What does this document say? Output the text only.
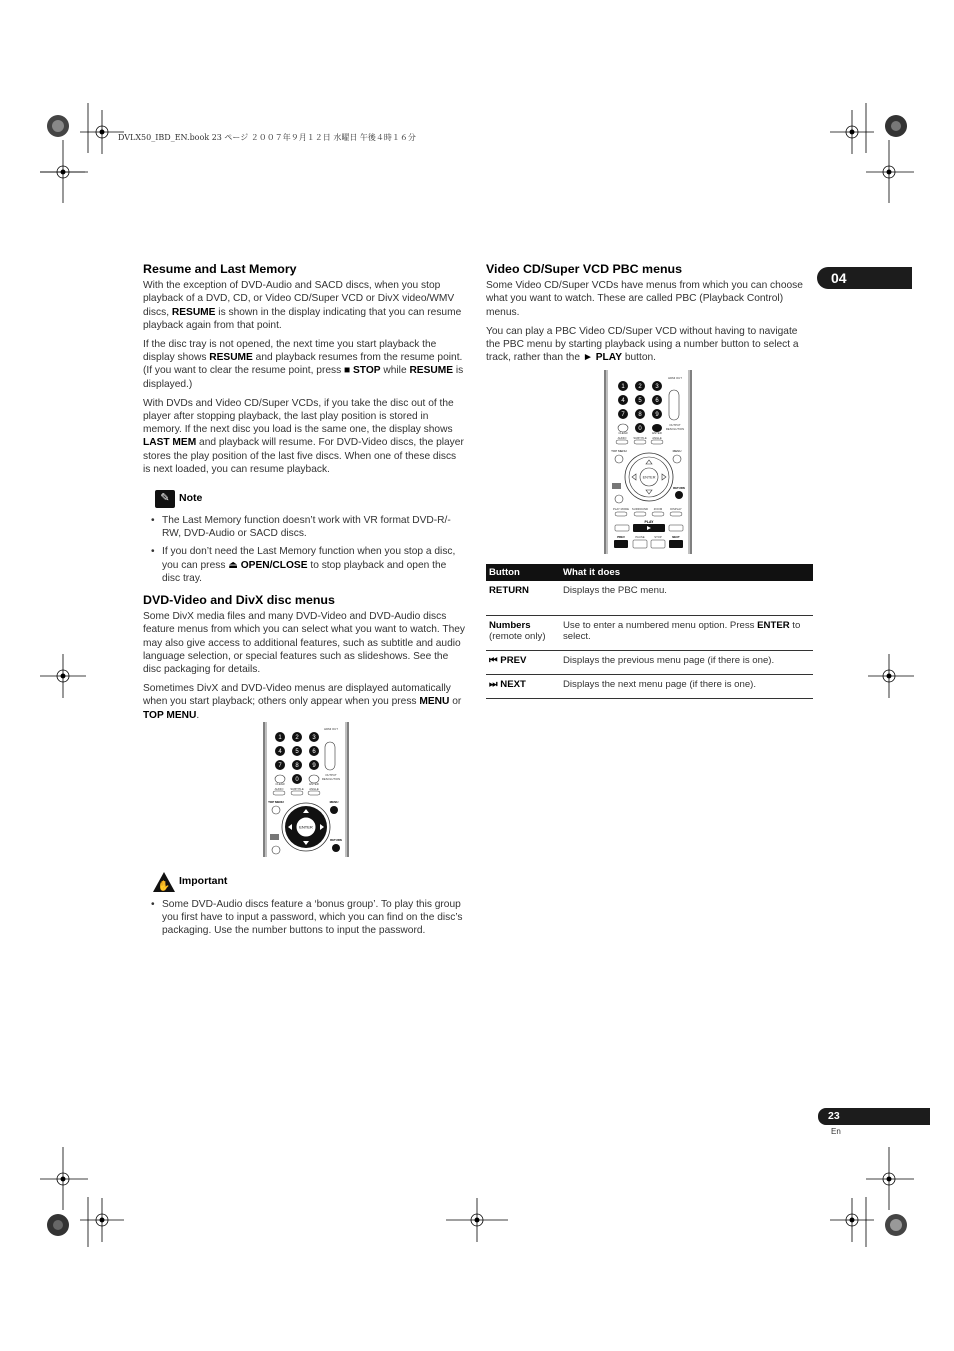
DVLX50_IBD_EN.book 23 ページ ２００７年９月１２日 水曜日 午後４時１６分
04
Resume and Last Memory

With the exception of DVD-Audio and SACD discs, when you stop playback of a DVD, CD, or Video CD/Super VCD or DivX video/WMV discs, RESUME is shown in the display indicating that you can resume playback again from that point.

If the disc tray is not opened, the next time you start playback the display shows RESUME and playback resumes from the resume point. (If you want to clear the resume point, press ■ STOP while RESUME is displayed.)

With DVDs and Video CD/Super VCDs, if you take the disc out of the player after stopping playback, the last play position is stored in memory. If the next disc you load is the same one, the display shows LAST MEM and playback will resume. For DVD-Video discs, the player stores the play position of the last five discs. When one of these discs is next loaded, you can resume playback.

✎ Note
• The Last Memory function doesn’t work with VR format DVD-R/-RW, DVD-Audio or SACD discs.
• If you don’t need the Last Memory function when you stop a disc, you can press ⏏ OPEN/CLOSE to stop playback and open the disc tray.
DVD-Video and DivX disc menus

Some DivX media files and many DVD-Video and DVD-Audio discs feature menus from which you can select what you want to watch. They may also give access to additional features, such as subtitle and audio language selection, or special features such as slideshows. See the disc packaging for details.

Sometimes DivX and DVD-Video menus are displayed automatically when you start playback; others only appear when you press MENU or TOP MENU.

1 2 3
4 5 6
7 8 9
0
HDMI OUT
CLEAR	ENTER
OUTPUT
RESOLUTION
AUDIO SUBTITLE ANGLE
TOP MENU	MENU
ENTER
RETURN
✋ Important
• Some DVD-Audio discs feature a ‘bonus group’. To play this group you first have to input a password, which you can find on the disc’s packaging. Use the number buttons to input the password.
Video CD/Super VCD PBC menus

Some Video CD/Super VCDs have menus from which you can choose what you want to watch. These are called PBC (Playback Control) menus.

You can play a PBC Video CD/Super VCD without having to navigate the PBC menu by starting playback using a number button to select a track, rather than the ► PLAY button.

1 2 3
4 5 6
7 8 9
0
HDMI OUT
CLEAR	ENTER
OUTPUT
RESOLUTION
AUDIO SUBTITLE ANGLE
TOP MENU	MENU
ENTER
RETURN
PLAY MODE SURROUND ZOOM	DISPLAY
PLAY
PREV	PAUSE	STOP	NEXT
Button	What it does
RETURN	Displays the PBC menu.
Numbers
(remote only)	Use to enter a numbered menu option. Press ENTER to select.
⏮ PREV	Displays the previous menu page (if there is one).
⏭ NEXT	Displays the next menu page (if there is one).
23
En
